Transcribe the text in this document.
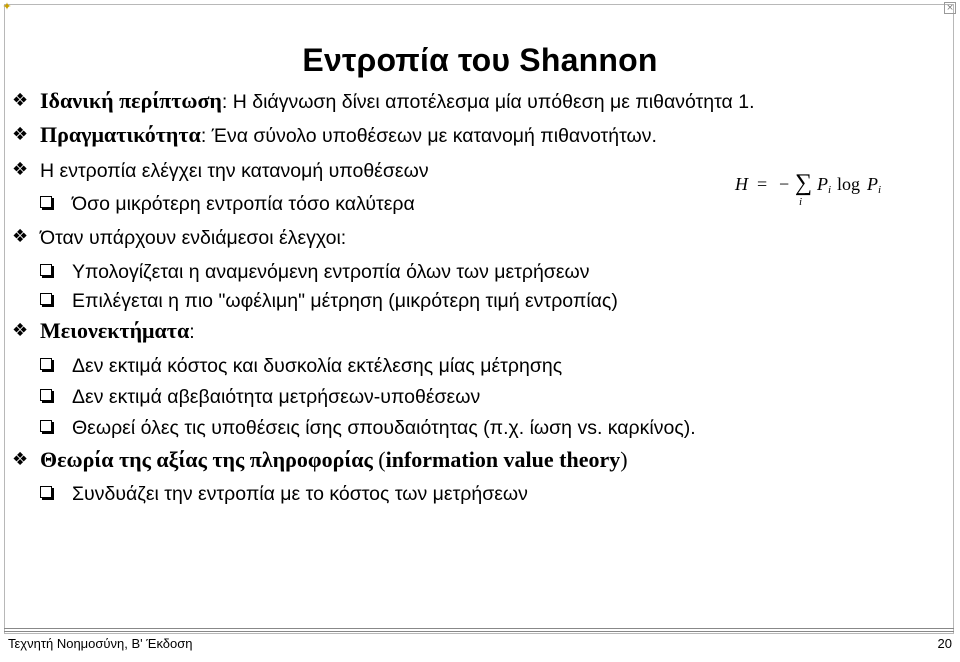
✦	×
Εντροπία του Shannon
❖ Ιδανική περίπτωση: Η διάγνωση δίνει αποτέλεσμα μία υπόθεση με πιθανότητα 1.
❖ Πραγματικότητα: Ένα σύνολο υποθέσεων με κατανομή πιθανοτήτων.
❖ Η εντροπία ελέγχει την κατανομή υποθέσεων
Όσο μικρότερη εντροπία τόσο καλύτερα
❖ Όταν υπάρχουν ενδιάμεσοι έλεγχοι:
Υπολογίζεται η αναμενόμενη εντροπία όλων των μετρήσεων
Επιλέγεται η πιο "ωφέλιμη" μέτρηση (μικρότερη τιμή εντροπίας)
❖ Μειονεκτήματα:
Δεν εκτιμά κόστος και δυσκολία εκτέλεσης μίας μέτρησης
Δεν εκτιμά αβεβαιότητα μετρήσεων-υποθέσεων
Θεωρεί όλες τις υποθέσεις ίσης σπουδαιότητας (π.χ. ίωση vs. καρκίνος).
❖ Θεωρία της αξίας της πληροφορίας (information value theory)
Συνδυάζει την εντροπία με το κόστος των μετρήσεων
H = − ∑
i
P i log P i
Τεχνητή Νοημοσύνη, Β' Έκδοση	20
